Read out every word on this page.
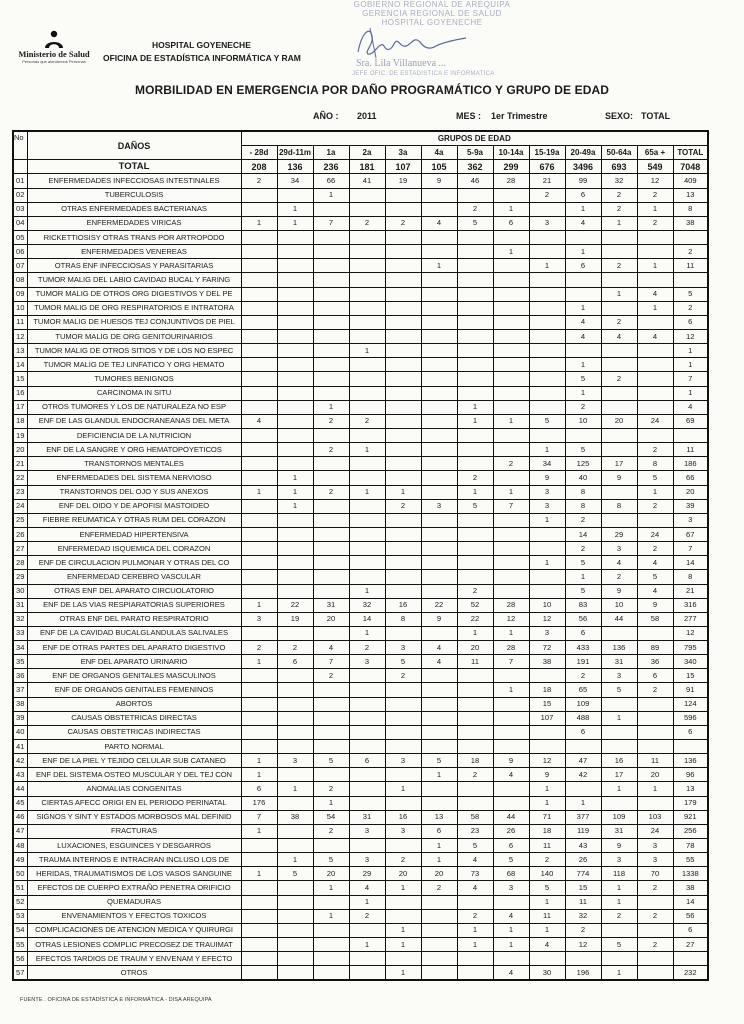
GOBIERNO REGIONAL DE AREQUIPA
GERENCIA REGIONAL DE SALUD
HOSPITAL GOYENECHE
Sra. Lila Villanueva ...
JEFE OFIC. DE ESTADISTICA E INFORMATICA
Ministerio de Salud
Personas que atendemos Personas
HOSPITAL GOYENECHE
OFICINA DE ESTADÍSTICA INFORMÁTICA Y RAM
MORBILIDAD EN EMERGENCIA POR DAÑO PROGRAMÁTICO Y GRUPO DE EDAD
AÑO : 2011	MES : 1er Trimestre	SEXO: TOTAL
No	DAÑOS	GRUPOS DE EDAD												
		- 28d	29d-11m	1a	2a	3a	4a	5-9a	10-14a	15-19a	20-49a	50-64a	65a +	TOTAL
	TOTAL	208	136	236	181	107	105	362	299	676	3496	693	549	7048
01	ENFERMEDADES INFECCIOSAS INTESTINALES	2	34	66	41	19	9	46	28	21	99	32	12	409
02	TUBERCULOSIS			1						2	6	2	2	13
03	OTRAS ENFERMEDADES BACTERIANAS		1					2	1		1	2	1	8
04	ENFERMEDADES VIRICAS	1	1	7	2	2	4	5	6	3	4	1	2	38
05	RICKETTIOSISY OTRAS TRANS POR ARTROPODO													
06	ENFERMEDADES VENEREAS								1		1			2
07	OTRAS ENF INFECCIOSAS Y PARASITARIAS						1			1	6	2	1	11
08	TUMOR MALIG DEL LABIO CAVIDAD BUCAL Y FARING													
09	TUMOR MALIG DE OTROS ORG DIGESTIVOS Y DEL PE											1	4	5
10	TUMOR MALIG DE ORG RESPIRATORIOS E INTRATORA										1		1	2
11	TUMOR MALIG DE HUESOS TEJ CONJUNTIVOS DE PIEL										4	2		6
12	TUMOR MALIG DE ORG GENITOURINARIOS										4	4	4	12
13	TUMOR MALIG DE OTROS SITIOS Y DE LOS NO ESPEC				1									1
14	TUMOR MALIG DE TEJ LINFATICO Y ORG HEMATO										1			1
15	TUMORES BENIGNOS										5	2		7
16	CARCINOMA IN SITU										1			1
17	OTROS TUMORES Y LOS DE NATURALEZA NO ESP			1				1			2			4
18	ENF DE LAS GLANDUL ENDOCRANEANAS DEL META	4		2	2			1	1	5	10	20	24	69
19	DEFICIENCIA DE LA NUTRICION													
20	ENF DE LA SANGRE Y ORG HEMATOPOYETICOS			2	1					1	5		2	11
21	TRANSTORNOS MENTALES								2	34	125	17	8	186
22	ENFERMEDADES DEL SISTEMA NERVIOSO		1					2		9	40	9	5	66
23	TRANSTORNOS DEL OJO Y SUS ANEXOS	1	1	2	1	1		1	1	3	8		1	20
24	ENF DEL OIDO Y DE APOFISI MASTOIDEO		1			2	3	5	7	3	8	8	2	39
25	FIEBRE REUMATICA Y OTRAS RUM DEL CORAZON									1	2			3
26	ENFERMEDAD HIPERTENSIVA										14	29	24	67
27	ENFERMEDAD ISQUEMICA DEL CORAZON										2	3	2	7
28	ENF DE CIRCULACION PULMONAR Y OTRAS DEL CO									1	5	4	4	14
29	ENFERMEDAD CEREBRO VASCULAR										1	2	5	8
30	OTRAS ENF DEL APARATO CIRCUOLATORIO				1			2			5	9	4	21
31	ENF DE LAS VIAS RESPIARATORIAS SUPERIORES	1	22	31	32	16	22	52	28	10	83	10	9	316
32	OTRAS ENF DEL PARATO RESPIRATORIO	3	19	20	14	8	9	22	12	12	56	44	58	277
33	ENF DE LA CAVIDAD BUCALGLANDULAS SALIVALES				1			1	1	3	6			12
34	ENF DE OTRAS PARTES DEL APARATO DIGESTIVO	2	2	4	2	3	4	20	28	72	433	136	89	795
35	ENF DEL APARATO URINARIO	1	6	7	3	5	4	11	7	38	191	31	36	340
36	ENF DE ORGANOS GENITALES MASCULINOS			2		2					2	3	6	15
37	ENF DE ORGANOS GENITALES FEMENINOS								1	18	65	5	2	91
38	ABORTOS									15	109			124
39	CAUSAS OBSTETRICAS DIRECTAS									107	488	1		596
40	CAUSAS OBSTETRICAS INDIRECTAS										6			6
41	PARTO NORMAL													
42	ENF DE LA PIEL Y TEJIDO CELULAR SUB CATANEO	1	3	5	6	3	5	18	9	12	47	16	11	136
43	ENF DEL SISTEMA OSTEO MUSCULAR Y DEL TEJ CON	1					1	2	4	9	42	17	20	96
44	ANOMALIAS CONGENITAS	6	1	2		1				1		1	1	13
45	CIERTAS AFECC ORIGI EN EL PERIODO PERINATAL	176		1						1	1			179
46	SIGNOS Y SINT Y ESTADOS MORBOSOS MAL DEFINID	7	38	54	31	16	13	58	44	71	377	109	103	921
47	FRACTURAS	1		2	3	3	6	23	26	18	119	31	24	256
48	LUXACIONES, ESGUINCES Y DESGARROS						1	5	6	11	43	9	3	78
49	TRAUMA INTERNOS E INTRACRAN INCLUSO LOS DE		1	5	3	2	1	4	5	2	26	3	3	55
50	HERIDAS, TRAUMATISMOS DE LOS VASOS SANGUINE	1	5	20	29	20	20	73	68	140	774	118	70	1338
51	EFECTOS DE CUERPO EXTRAÑO PENETRA ORIFICIO			1	4	1	2	4	3	5	15	1	2	38
52	QUEMADURAS				1					1	11	1		14
53	ENVENAMIENTOS Y EFECTOS TOXICOS			1	2			2	4	11	32	2	2	56
54	COMPLICACIONES DE ATENCION MEDICA Y QUIRURGI					1		1	1	1	2			6
55	OTRAS LESIONES COMPLIC PRECOSEZ DE TRAUIMAT				1	1		1	1	4	12	5	2	27
56	EFECTOS TARDIOS DE TRAUM Y ENVENAM Y EFECTO													
57	OTROS					1			4	30	196	1		232
FUENTE . OFICINA DE ESTADÍSTICA E INFORMÁTICA - DISA AREQUIPA
